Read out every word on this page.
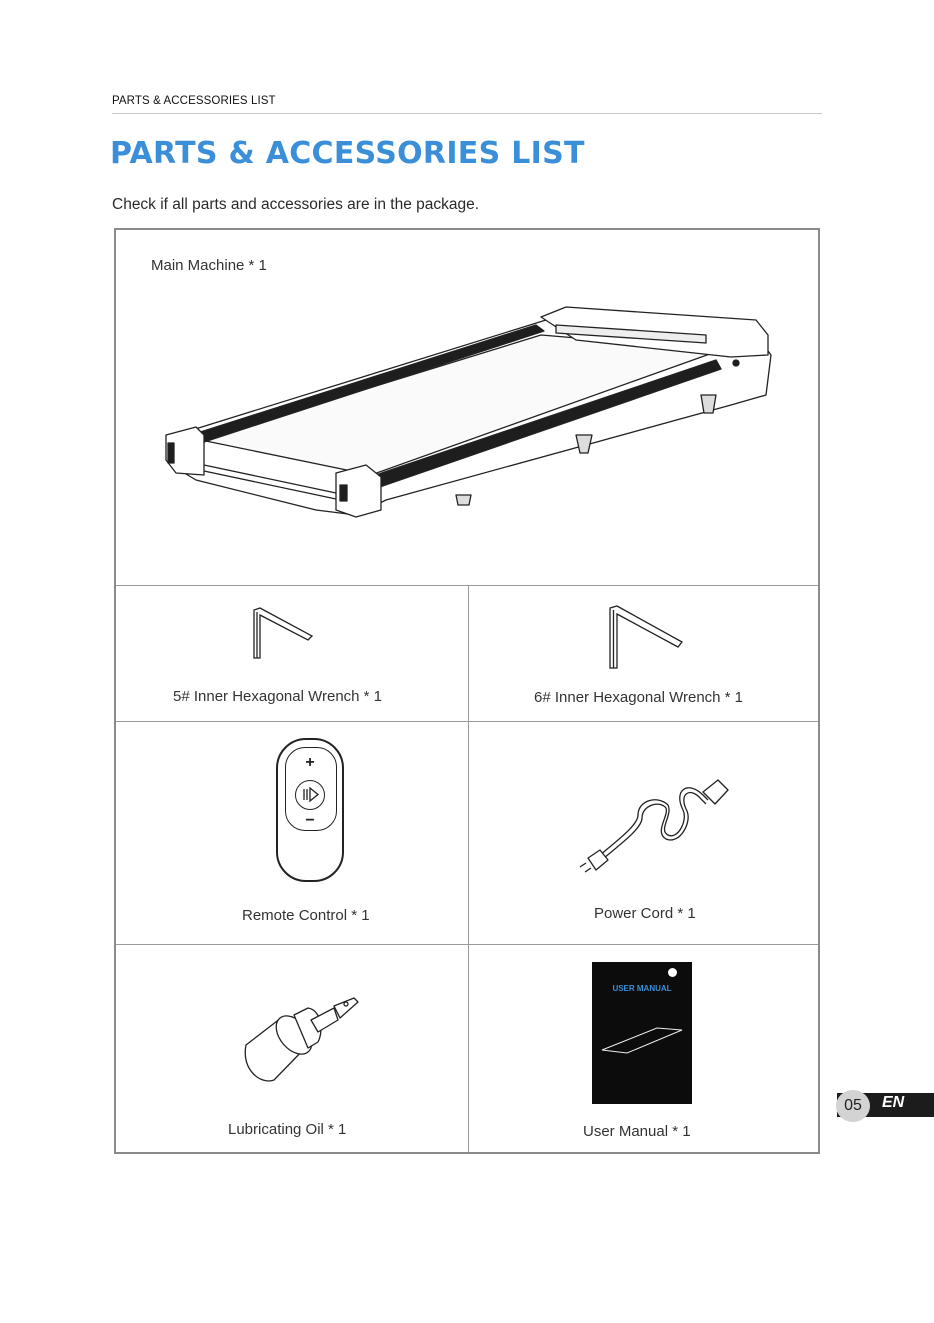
PARTS & ACCESSORIES LIST
PARTS & ACCESSORIES LIST
Check if all parts and accessories are in the package.
Main Machine * 1
5# Inner Hexagonal Wrench * 1	6# Inner Hexagonal Wrench * 1
+
−
Remote Control * 1	Power Cord * 1
Lubricating Oil * 1
USER MANUAL
User Manual * 1
05	EN
